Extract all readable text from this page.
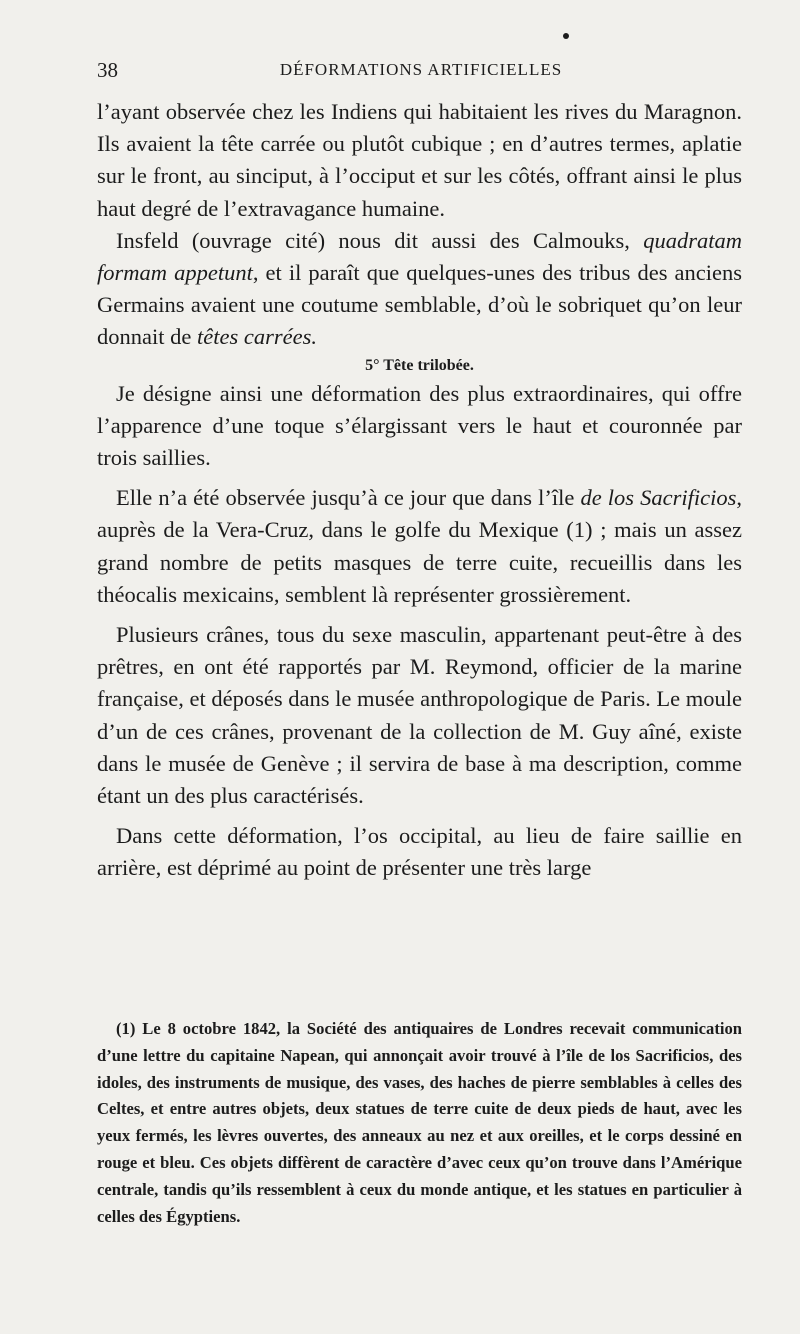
38	DÉFORMATIONS ARTIFICIELLES

l’ayant observée chez les Indiens qui habitaient les rives du Maragnon. Ils avaient la tête carrée ou plutôt cubique ; en d’autres termes, aplatie sur le front, au sinciput, à l’occiput et sur les côtés, offrant ainsi le plus haut degré de l’extravagance humaine.

Insfeld (ouvrage cité) nous dit aussi des Calmouks, quadratam formam appetunt, et il paraît que quelques-unes des tribus des anciens Germains avaient une coutume semblable, d’où le sobriquet qu’on leur donnait de têtes carrées.

5° Tête trilobée.

Je désigne ainsi une déformation des plus extraordinaires, qui offre l’apparence d’une toque s’élargissant vers le haut et couronnée par trois saillies.

Elle n’a été observée jusqu’à ce jour que dans l’île de los Sacrificios, auprès de la Vera-Cruz, dans le golfe du Mexique (1) ; mais un assez grand nombre de petits masques de terre cuite, recueillis dans les théocalis mexicains, semblent là représenter grossièrement.

Plusieurs crânes, tous du sexe masculin, appartenant peut-être à des prêtres, en ont été rapportés par M. Reymond, officier de la marine française, et déposés dans le musée anthropologique de Paris. Le moule d’un de ces crânes, provenant de la collection de M. Guy aîné, existe dans le musée de Genève ; il servira de base à ma description, comme étant un des plus caractérisés.

Dans cette déformation, l’os occipital, au lieu de faire saillie en arrière, est déprimé au point de présenter une très large

(1) Le 8 octobre 1842, la Société des antiquaires de Londres recevait communication d’une lettre du capitaine Napean, qui annonçait avoir trouvé à l’île de los Sacrificios, des idoles, des instruments de musique, des vases, des haches de pierre semblables à celles des Celtes, et entre autres objets, deux statues de terre cuite de deux pieds de haut, avec les yeux fermés, les lèvres ouvertes, des anneaux au nez et aux oreilles, et le corps dessiné en rouge et bleu. Ces objets diffèrent de caractère d’avec ceux qu’on trouve dans l’Amérique centrale, tandis qu’ils ressemblent à ceux du monde antique, et les statues en particulier à celles des Égyptiens.
